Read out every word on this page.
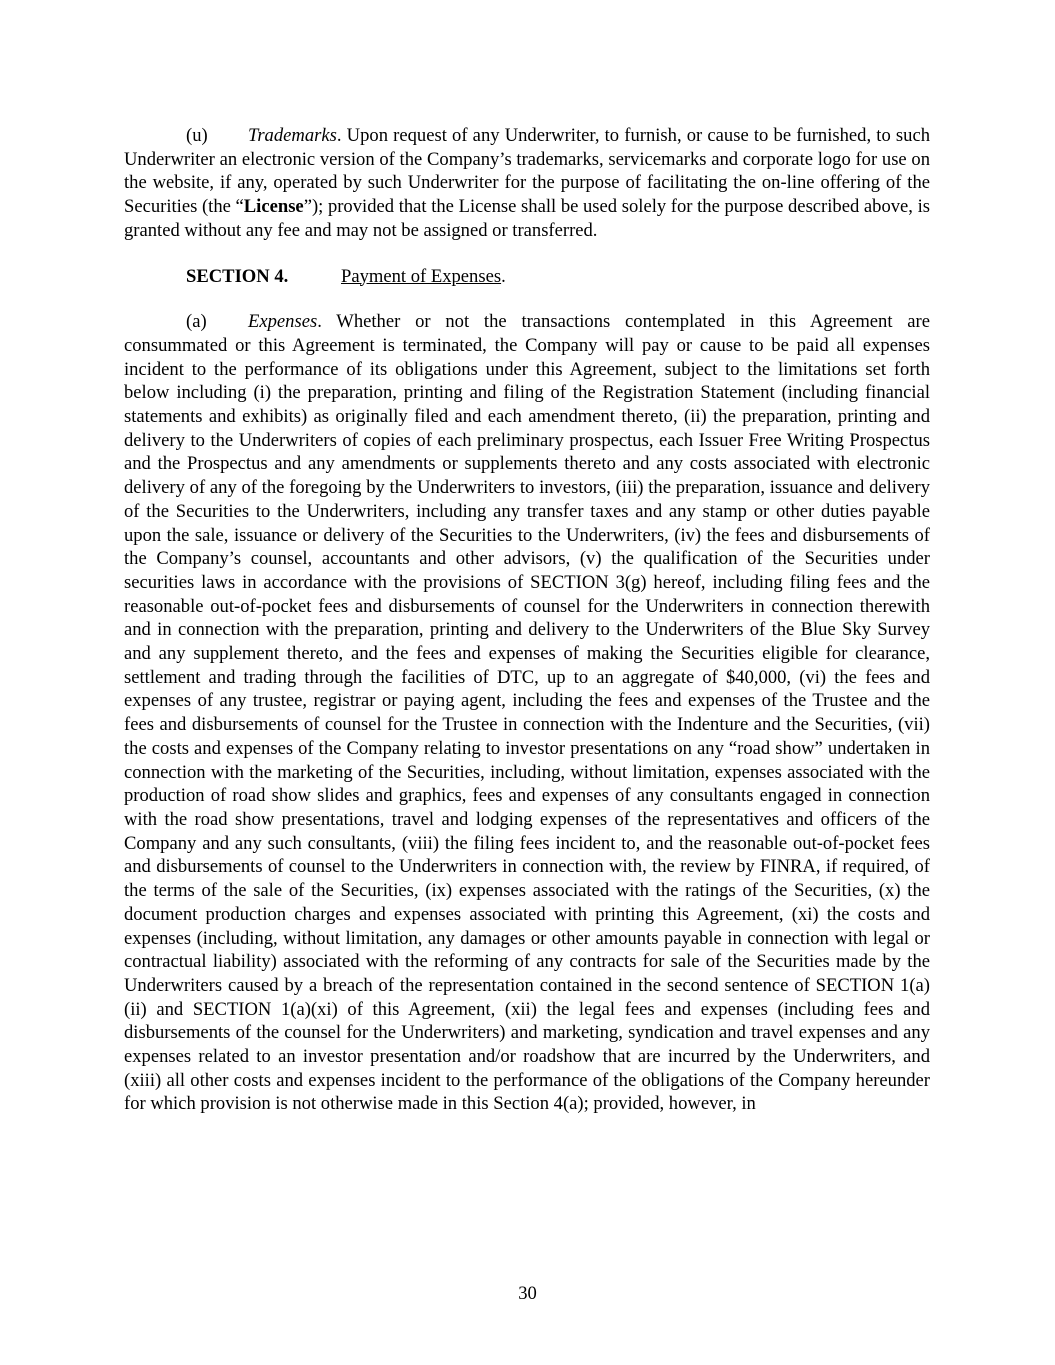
(u) Trademarks. Upon request of any Underwriter, to furnish, or cause to be furnished, to such Underwriter an electronic version of the Company’s trademarks, servicemarks and corporate logo for use on the website, if any, operated by such Underwriter for the purpose of facilitating the on-line offering of the Securities (the “License”); provided that the License shall be used solely for the purpose described above, is granted without any fee and may not be assigned or transferred.

SECTION 4.	Payment of Expenses.

(a) Expenses. Whether or not the transactions contemplated in this Agreement are consummated or this Agreement is terminated, the Company will pay or cause to be paid all expenses incident to the performance of its obligations under this Agreement, subject to the limitations set forth below including (i) the preparation, printing and filing of the Registration Statement (including financial statements and exhibits) as originally filed and each amendment thereto, (ii) the preparation, printing and delivery to the Underwriters of copies of each preliminary prospectus, each Issuer Free Writing Prospectus and the Prospectus and any amendments or supplements thereto and any costs associated with electronic delivery of any of the foregoing by the Underwriters to investors, (iii) the preparation, issuance and delivery of the Securities to the Underwriters, including any transfer taxes and any stamp or other duties payable upon the sale, issuance or delivery of the Securities to the Underwriters, (iv) the fees and disbursements of the Company’s counsel, accountants and other advisors, (v) the qualification of the Securities under securities laws in accordance with the provisions of SECTION 3(g) hereof, including filing fees and the reasonable out-of-pocket fees and disbursements of counsel for the Underwriters in connection therewith and in connection with the preparation, printing and delivery to the Underwriters of the Blue Sky Survey and any supplement thereto, and the fees and expenses of making the Securities eligible for clearance, settlement and trading through the facilities of DTC, up to an aggregate of $40,000, (vi) the fees and expenses of any trustee, registrar or paying agent, including the fees and expenses of the Trustee and the fees and disbursements of counsel for the Trustee in connection with the Indenture and the Securities, (vii) the costs and expenses of the Company relating to investor presentations on any “road show” undertaken in connection with the marketing of the Securities, including, without limitation, expenses associated with the production of road show slides and graphics, fees and expenses of any consultants engaged in connection with the road show presentations, travel and lodging expenses of the representatives and officers of the Company and any such consultants, (viii) the filing fees incident to, and the reasonable out-of-pocket fees and disbursements of counsel to the Underwriters in connection with, the review by FINRA, if required, of the terms of the sale of the Securities, (ix) expenses associated with the ratings of the Securities, (x) the document production charges and expenses associated with printing this Agreement, (xi) the costs and expenses (including, without limitation, any damages or other amounts payable in connection with legal or contractual liability) associated with the reforming of any contracts for sale of the Securities made by the Underwriters caused by a breach of the representation contained in the second sentence of SECTION 1(a)(ii) and SECTION 1(a)(xi) of this Agreement, (xii) the legal fees and expenses (including fees and disbursements of the counsel for the Underwriters) and marketing, syndication and travel expenses and any expenses related to an investor presentation and/or roadshow that are incurred by the Underwriters, and (xiii) all other costs and expenses incident to the performance of the obligations of the Company hereunder for which provision is not otherwise made in this Section 4(a); provided, however, in

30
